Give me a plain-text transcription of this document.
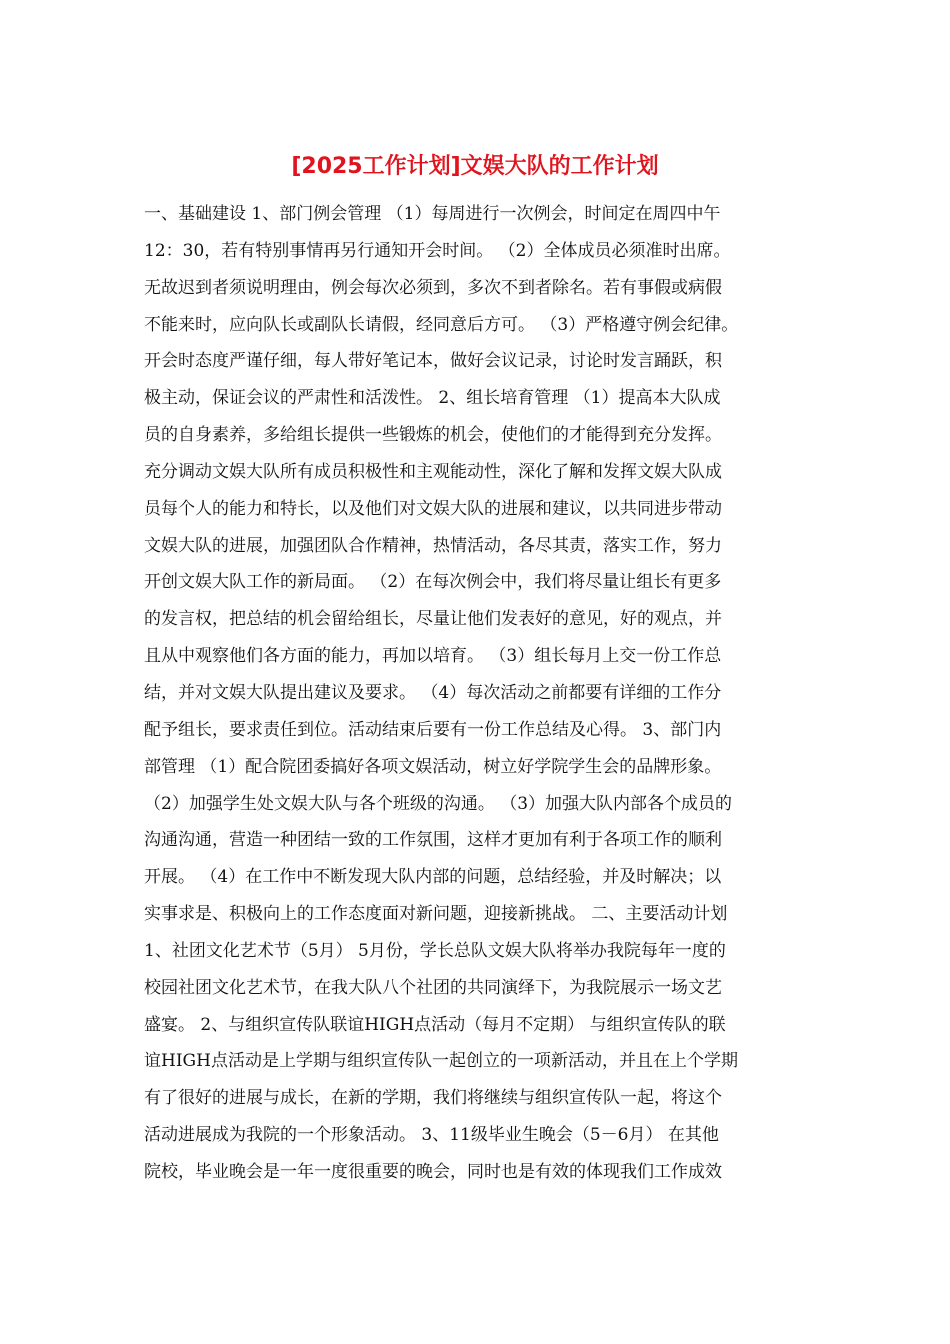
[2025工作计划]文娱大队的工作计划
一、基础建设 1、部门例会管理 （1）每周进行一次例会，时间定在周四中午
12：30，若有特别事情再另行通知开会时间。 （2）全体成员必须准时出席。
无故迟到者须说明理由，例会每次必须到，多次不到者除名。若有事假或病假
不能来时，应向队长或副队长请假，经同意后方可。 （3）严格遵守例会纪律。
开会时态度严谨仔细，每人带好笔记本，做好会议记录，讨论时发言踊跃，积
极主动，保证会议的严肃性和活泼性。 2、组长培育管理 （1）提高本大队成
员的自身素养，多给组长提供一些锻炼的机会，使他们的才能得到充分发挥。
充分调动文娱大队所有成员积极性和主观能动性，深化了解和发挥文娱大队成
员每个人的能力和特长，以及他们对文娱大队的进展和建议，以共同进步带动
文娱大队的进展，加强团队合作精神，热情活动，各尽其责，落实工作，努力
开创文娱大队工作的新局面。 （2）在每次例会中，我们将尽量让组长有更多
的发言权，把总结的机会留给组长，尽量让他们发表好的意见，好的观点，并
且从中观察他们各方面的能力，再加以培育。 （3）组长每月上交一份工作总
结，并对文娱大队提出建议及要求。 （4）每次活动之前都要有详细的工作分
配予组长，要求责任到位。活动结束后要有一份工作总结及心得。 3、部门内
部管理 （1）配合院团委搞好各项文娱活动，树立好学院学生会的品牌形象。
（2）加强学生处文娱大队与各个班级的沟通。 （3）加强大队内部各个成员的
沟通沟通，营造一种团结一致的工作氛围，这样才更加有利于各项工作的顺利
开展。 （4）在工作中不断发现大队内部的问题，总结经验，并及时解决；以
实事求是、积极向上的工作态度面对新问题，迎接新挑战。 二、主要活动计划
1、社团文化艺术节（5月） 5月份，学长总队文娱大队将举办我院每年一度的
校园社团文化艺术节，在我大队八个社团的共同演绎下，为我院展示一场文艺
盛宴。 2、与组织宣传队联谊HIGH点活动（每月不定期） 与组织宣传队的联
谊HIGH点活动是上学期与组织宣传队一起创立的一项新活动，并且在上个学期
有了很好的进展与成长，在新的学期，我们将继续与组织宣传队一起，将这个
活动进展成为我院的一个形象活动。 3、11级毕业生晚会（5－6月） 在其他
院校，毕业晚会是一年一度很重要的晚会，同时也是有效的体现我们工作成效
